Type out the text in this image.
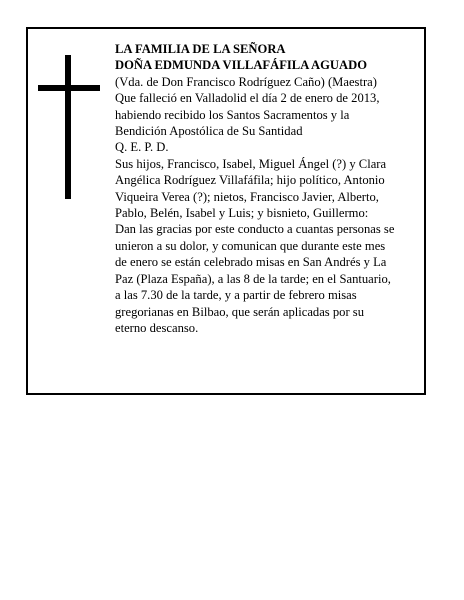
LA FAMILIA DE LA SEÑORA
DOÑA EDMUNDA VILLAFÁFILA AGUADO
(Vda. de Don Francisco Rodríguez Caño) (Maestra)
Que falleció en Valladolid el día 2 de enero de 2013,
habiendo recibido los Santos Sacramentos y la
Bendición Apostólica de Su Santidad
Q. E. P. D.
Sus hijos, Francisco, Isabel, Miguel Ángel (?) y Clara
Angélica Rodríguez Villafáfila; hijo político, Antonio
Viqueira Verea (?); nietos, Francisco Javier, Alberto,
Pablo, Belén, Isabel y Luis; y bisnieto, Guillermo:
Dan las gracias por este conducto a cuantas personas se
unieron a su dolor, y comunican que durante este mes
de enero se están celebrado misas en San Andrés y La
Paz (Plaza España), a las 8 de la tarde; en el Santuario,
a las 7.30 de la tarde, y a partir de febrero misas
gregorianas en Bilbao, que serán aplicadas por su
eterno descanso.
